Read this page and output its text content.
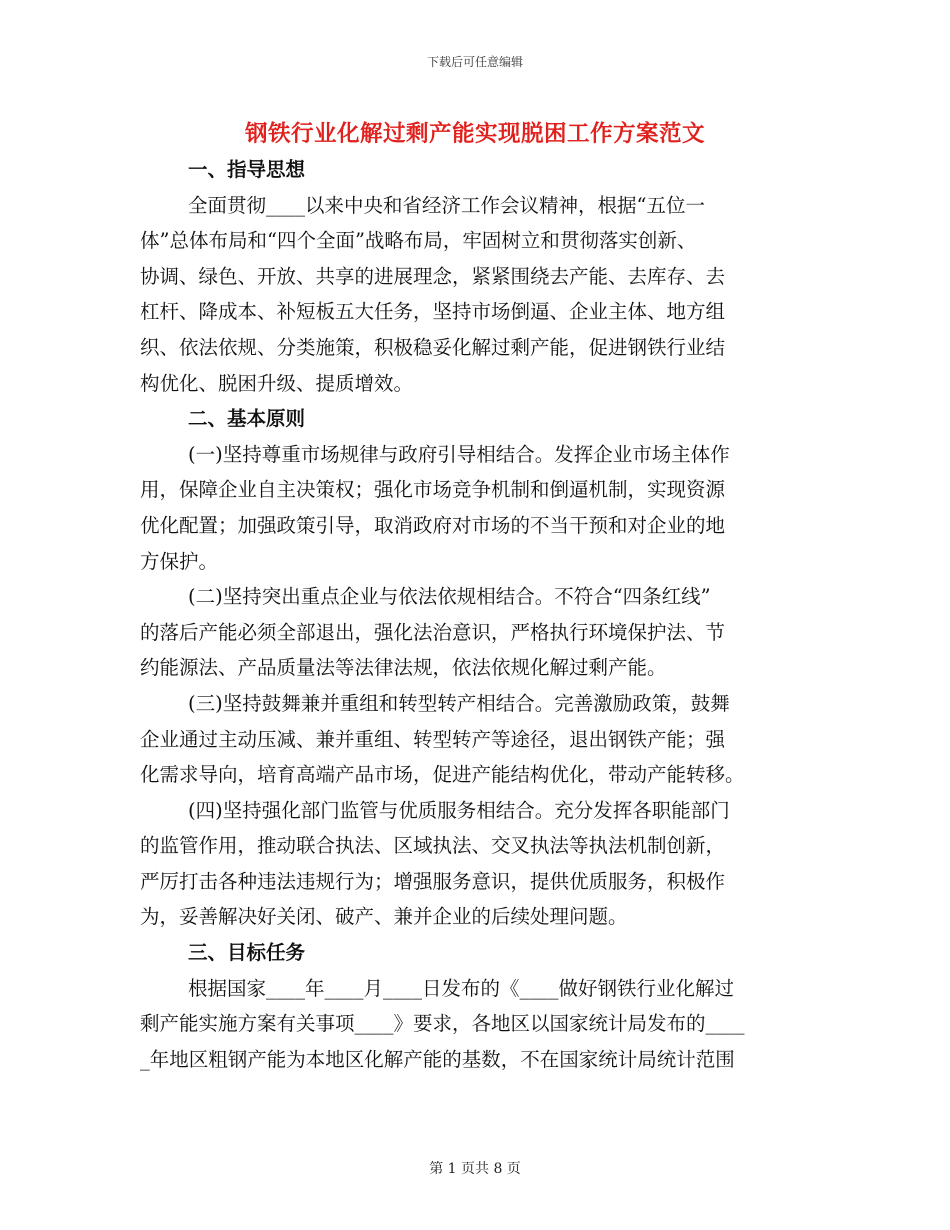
下载后可任意编辑
钢铁行业化解过剩产能实现脱困工作方案范文
一、指导思想
全面贯彻____以来中央和省经济工作会议精神，根据“五位一
体”总体布局和“四个全面”战略布局，牢固树立和贯彻落实创新、
协调、绿色、开放、共享的进展理念，紧紧围绕去产能、去库存、去
杠杆、降成本、补短板五大任务，坚持市场倒逼、企业主体、地方组
织、依法依规、分类施策，积极稳妥化解过剩产能，促进钢铁行业结
构优化、脱困升级、提质增效。
二、基本原则
(一)坚持尊重市场规律与政府引导相结合。发挥企业市场主体作
用，保障企业自主决策权；强化市场竞争机制和倒逼机制，实现资源
优化配置；加强政策引导，取消政府对市场的不当干预和对企业的地
方保护。
(二)坚持突出重点企业与依法依规相结合。不符合“四条红线”
的落后产能必须全部退出，强化法治意识，严格执行环境保护法、节
约能源法、产品质量法等法律法规，依法依规化解过剩产能。
(三)坚持鼓舞兼并重组和转型转产相结合。完善激励政策，鼓舞
企业通过主动压减、兼并重组、转型转产等途径，退出钢铁产能；强
化需求导向，培育高端产品市场，促进产能结构优化，带动产能转移。
(四)坚持强化部门监管与优质服务相结合。充分发挥各职能部门
的监管作用，推动联合执法、区域执法、交叉执法等执法机制创新，
严厉打击各种违法违规行为；增强服务意识，提供优质服务，积极作
为，妥善解决好关闭、破产、兼并企业的后续处理问题。
三、目标任务
根据国家____年____月____日发布的《____做好钢铁行业化解过
剩产能实施方案有关事项____》要求，各地区以国家统计局发布的____
_年地区粗钢产能为本地区化解产能的基数，不在国家统计局统计范围
第 1 页共 8 页
